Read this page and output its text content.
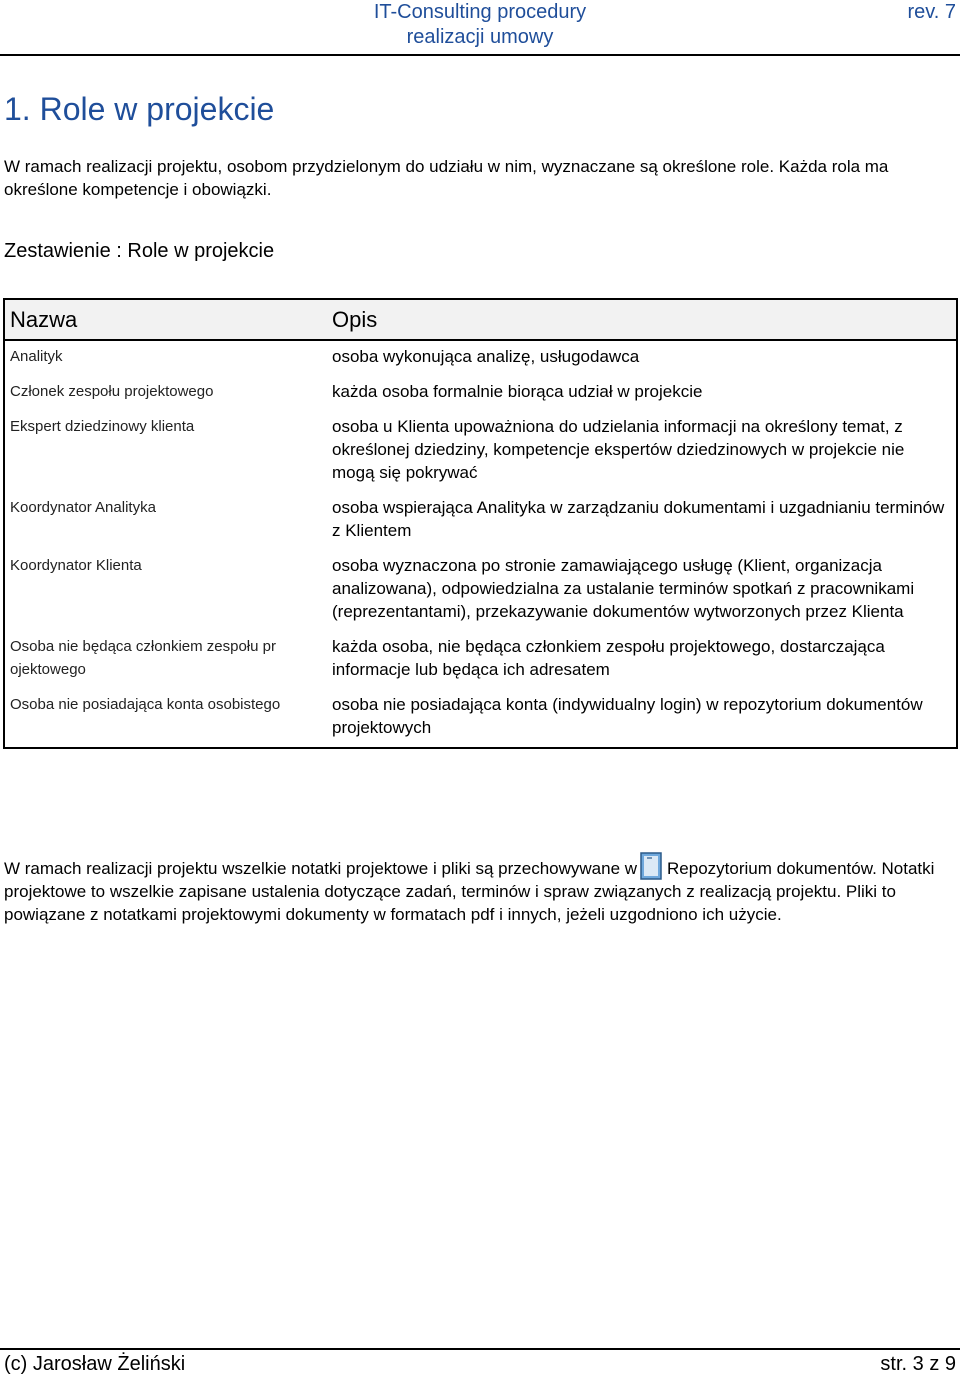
IT-Consulting procedury
realizacji umowy
rev. 7
1. Role w projekcie

W ramach realizacji projektu, osobom przydzielonym do udziału w nim, wyznaczane są określone role. Każda rola ma określone kompetencje i obowiązki.

Zestawienie : Role w projekcie
Nazwa	Opis
Analityk	osoba wykonująca analizę, usługodawca
Członek zespołu projektowego	każda osoba formalnie biorąca udział w projekcie
Ekspert dziedzinowy klienta	osoba u Klienta upoważniona do udzielania informacji na określony temat, z określonej dziedziny, kompetencje ekspertów dziedzinowych w projekcie nie mogą się pokrywać
Koordynator Analityka	osoba wspierająca Analityka w zarządzaniu dokumentami i uzgadnianiu terminów z Klientem
Koordynator Klienta	osoba wyznaczona po stronie zamawiającego usługę (Klient, organizacja analizowana), odpowiedzialna za ustalanie terminów spotkań z pracownikami (reprezentantami), przekazywanie dokumentów wytworzonych przez Klienta
Osoba nie będąca członkiem zespołu pr ojektowego	każda osoba, nie będąca członkiem zespołu projektowego, dostarczająca informacje lub będąca ich adresatem
Osoba nie posiadająca konta osobistego	osoba nie posiadająca konta (indywidualny login) w repozytorium dokumentów projektowych

W ramach realizacji projektu wszelkie notatki projektowe i pliki są przechowywane w Repozytorium dokumentów. Notatki projektowe to wszelkie zapisane ustalenia dotyczące zadań, terminów i spraw związanych z realizacją projektu. Pliki to powiązane z notatkami projektowymi dokumenty w formatach pdf i innych, jeżeli uzgodniono ich użycie.

(c) Jarosław Żeliński	str. 3 z 9
